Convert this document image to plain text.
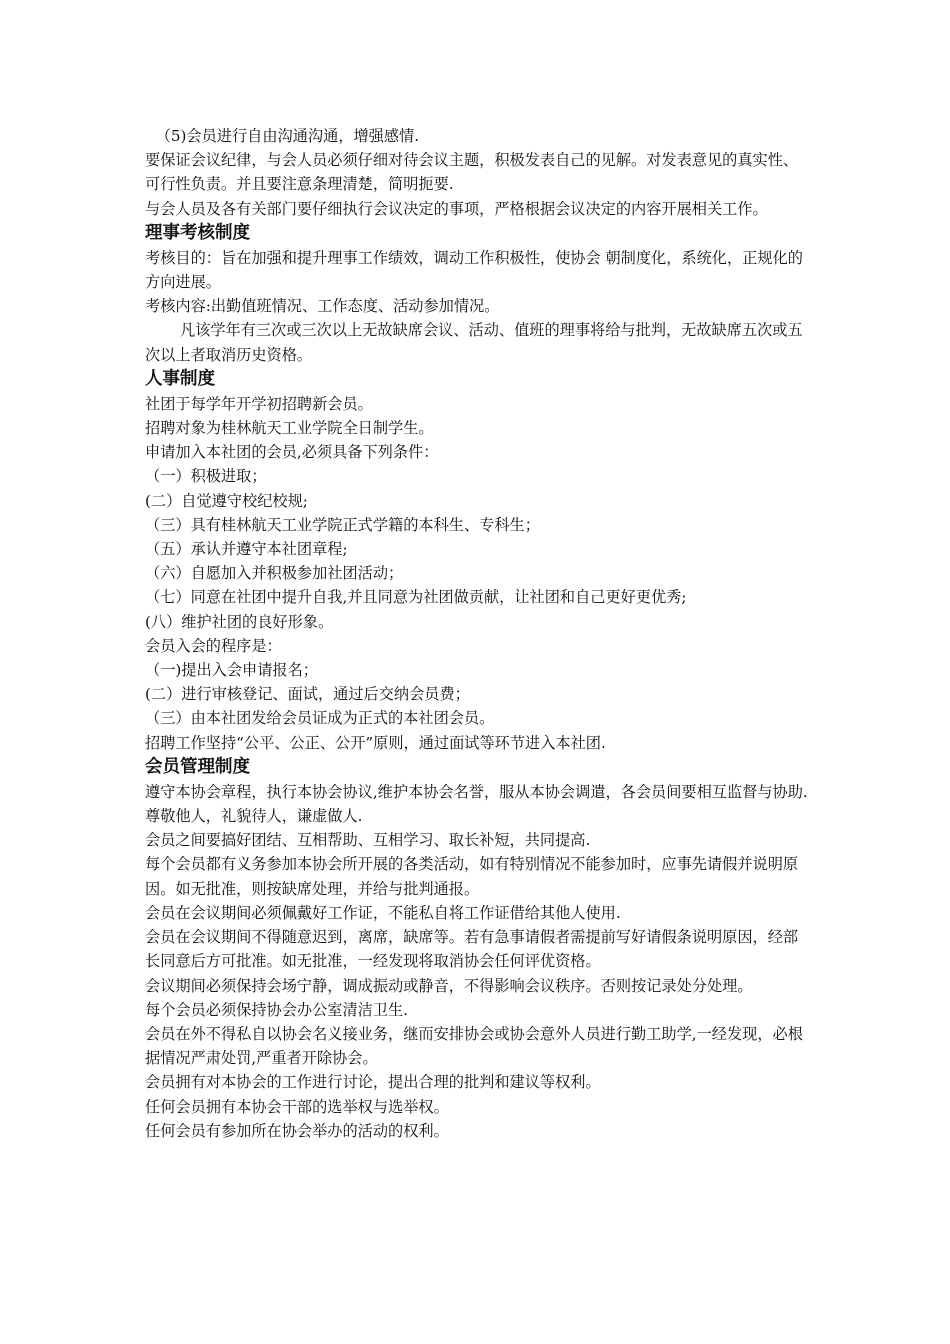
（5)会员进行自由沟通沟通，增强感情.

要保证会议纪律，与会人员必须仔细对待会议主题，积极发表自己的见解。对发表意见的真实性、可行性负责。并且要注意条理清楚，简明扼要.

与会人员及各有关部门要仔细执行会议决定的事项，严格根据会议决定的内容开展相关工作。

理事考核制度

考核目的：旨在加强和提升理事工作绩效，调动工作积极性，使协会 朝制度化，系统化，正规化的方向进展。

考核内容:出勤值班情况、工作态度、活动参加情况。

凡该学年有三次或三次以上无故缺席会议、活动、值班的理事将给与批判，无故缺席五次或五次以上者取消历史资格。

人事制度

社团于每学年开学初招聘新会员。

招聘对象为桂林航天工业学院全日制学生。

申请加入本社团的会员,必须具备下列条件：

（一）积极进取；

(二）自觉遵守校纪校规;

（三）具有桂林航天工业学院正式学籍的本科生、专科生；

（五）承认并遵守本社团章程;

（六）自愿加入并积极参加社团活动；

（七）同意在社团中提升自我,并且同意为社团做贡献，让社团和自己更好更优秀;

(八）维护社团的良好形象。

会员入会的程序是：

（一)提出入会申请报名；

(二）进行审核登记、面试，通过后交纳会员费；

（三）由本社团发给会员证成为正式的本社团会员。

招聘工作坚持“公平、公正、公开”原则，通过面试等环节进入本社团.

会员管理制度

遵守本协会章程，执行本协会协议,维护本协会名誉，服从本协会调遣，各会员间要相互监督与协助.

尊敬他人，礼貌待人，谦虚做人.

会员之间要搞好团结、互相帮助、互相学习、取长补短，共同提高.

每个会员都有义务参加本协会所开展的各类活动，如有特别情况不能参加时，应事先请假并说明原因。如无批准，则按缺席处理，并给与批判通报。

会员在会议期间必须佩戴好工作证，不能私自将工作证借给其他人使用.

会员在会议期间不得随意迟到，离席，缺席等。若有急事请假者需提前写好请假条说明原因，经部长同意后方可批准。如无批准，一经发现将取消协会任何评优资格。

会议期间必须保持会场宁静，调成振动或静音，不得影响会议秩序。否则按记录处分处理。

每个会员必须保持协会办公室清洁卫生.

会员在外不得私自以协会名义接业务，继而安排协会或协会意外人员进行勤工助学,一经发现，必根据情况严肃处罚,严重者开除协会。

会员拥有对本协会的工作进行讨论，提出合理的批判和建议等权利。

任何会员拥有本协会干部的选举权与选举权。

任何会员有参加所在协会举办的活动的权利。
